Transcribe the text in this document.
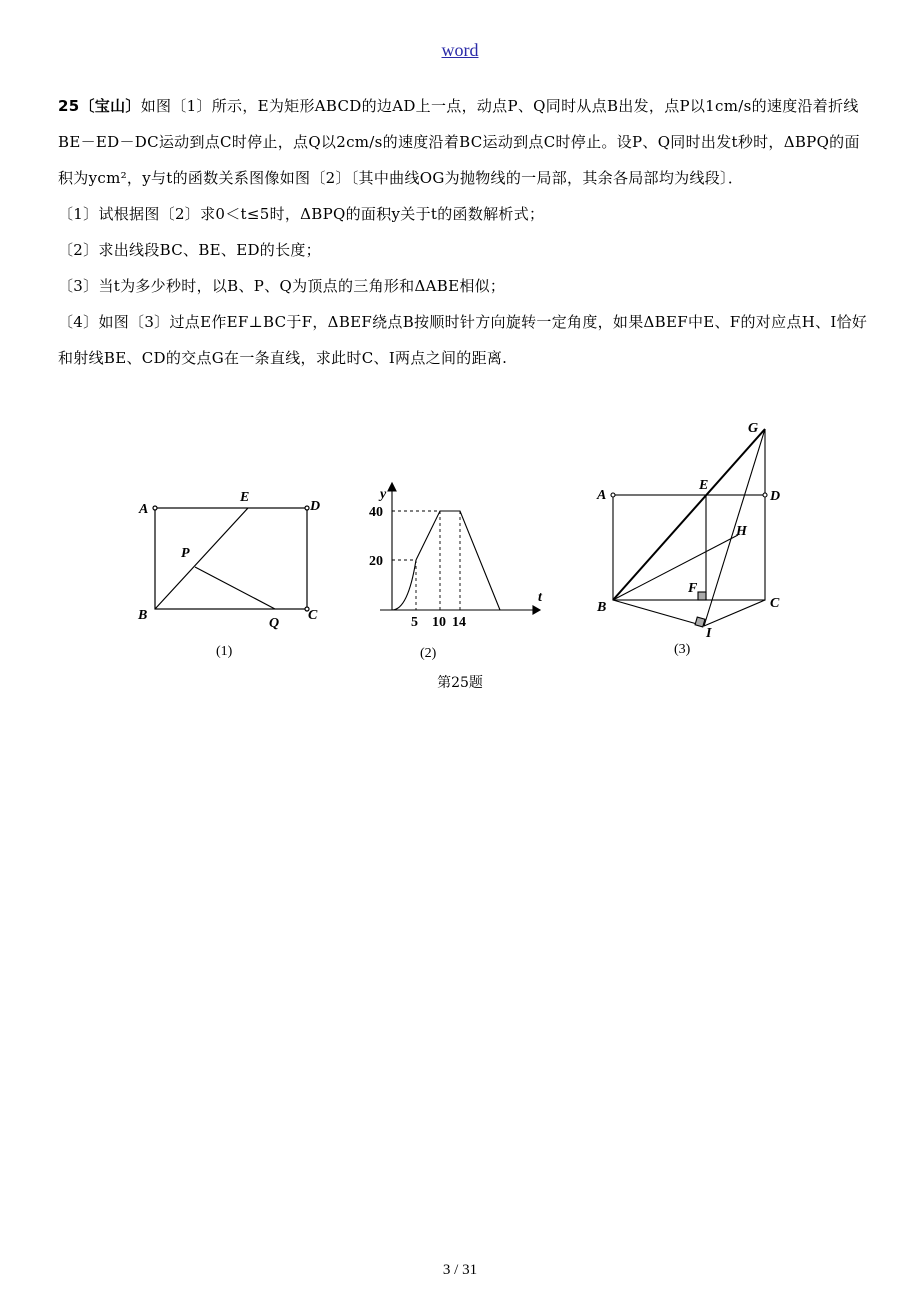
word

25〔宝山〕如图〔1〕所示，E为矩形ABCD的边AD上一点，动点P、Q同时从点B出发，点P以1cm/s的速度沿着折线BE－ED－DC运动到点C时停止，点Q以2cm/s的速度沿着BC运动到点C时停止。设P、Q同时出发t秒时，ΔBPQ的面积为ycm²，y与t的函数关系图像如图〔2〕〔其中曲线OG为抛物线的一局部，其余各局部均为线段〕．

〔1〕试根据图〔2〕求0＜t≤5时，ΔBPQ的面积y关于t的函数解析式；

〔2〕求出线段BC、BE、ED的长度；

〔3〕当t为多少秒时，以B、P、Q为顶点的三角形和ΔABE相似；

〔4〕如图〔3〕过点E作EF⊥BC于F，ΔBEF绕点B按顺时针方向旋转一定角度，如果ΔBEF中E、F的对应点H、I恰好和射线BE、CD的交点G在一条直线，求此时C、I两点之间的距离.

A
E
D
P
B
Q
C
(1)
y
t
40
20
5 10 14
(2)
A
E
D
G
H
F
B	C
I
(3)
第25题
3 / 31
